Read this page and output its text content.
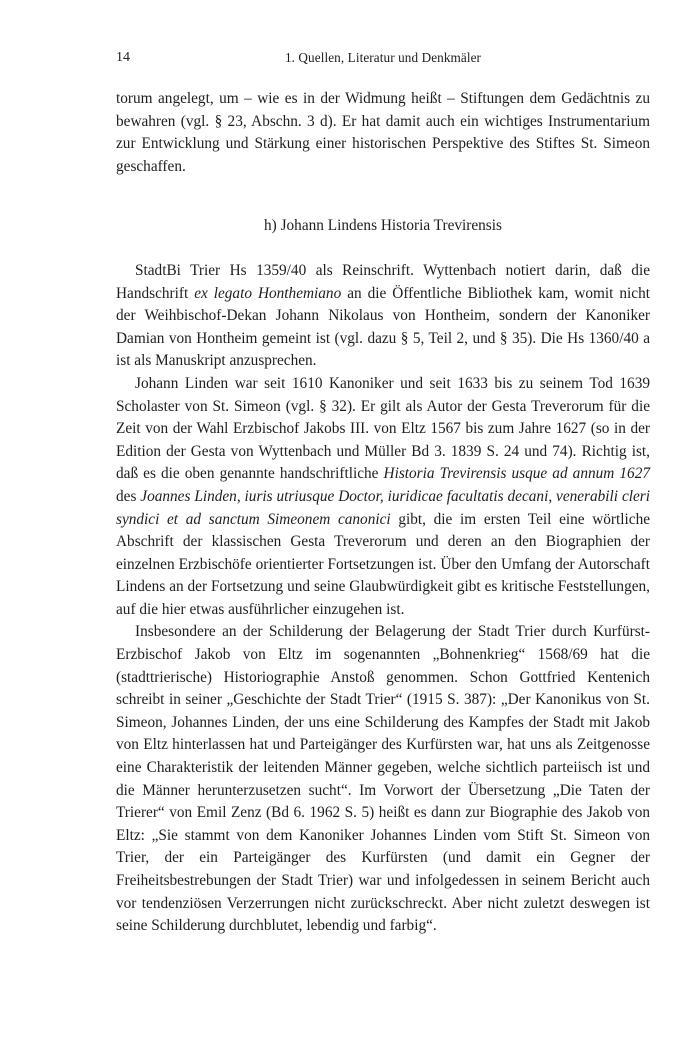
14	1. Quellen, Literatur und Denkmäler

torum angelegt, um – wie es in der Widmung heißt – Stiftungen dem Gedächtnis zu bewahren (vgl. § 23, Abschn. 3 d). Er hat damit auch ein wichtiges Instrumentarium zur Entwicklung und Stärkung einer historischen Perspektive des Stiftes St. Simeon geschaffen.

h) Johann Lindens Historia Trevirensis

StadtBi Trier Hs 1359/40 als Reinschrift. Wyttenbach notiert darin, daß die Handschrift ex legato Honthemiano an die Öffentliche Bibliothek kam, womit nicht der Weihbischof-Dekan Johann Nikolaus von Hontheim, sondern der Kanoniker Damian von Hontheim gemeint ist (vgl. dazu § 5, Teil 2, und § 35). Die Hs 1360/40 a ist als Manuskript anzusprechen.

Johann Linden war seit 1610 Kanoniker und seit 1633 bis zu seinem Tod 1639 Scholaster von St. Simeon (vgl. § 32). Er gilt als Autor der Gesta Treverorum für die Zeit von der Wahl Erzbischof Jakobs III. von Eltz 1567 bis zum Jahre 1627 (so in der Edition der Gesta von Wyttenbach und Müller Bd 3. 1839 S. 24 und 74). Richtig ist, daß es die oben genannte handschriftliche Historia Trevirensis usque ad annum 1627 des Joannes Linden, iuris utriusque Doctor, iuridicae facultatis decani, venerabili cleri syndici et ad sanctum Simeonem canonici gibt, die im ersten Teil eine wörtliche Abschrift der klassischen Gesta Treverorum und deren an den Biographien der einzelnen Erzbischöfe orientierter Fortsetzungen ist. Über den Umfang der Autorschaft Lindens an der Fortsetzung und seine Glaubwürdigkeit gibt es kritische Feststellungen, auf die hier etwas ausführlicher einzugehen ist.

Insbesondere an der Schilderung der Belagerung der Stadt Trier durch Kurfürst-Erzbischof Jakob von Eltz im sogenannten „Bohnenkrieg“ 1568/69 hat die (stadttrierische) Historiographie Anstoß genommen. Schon Gottfried Kentenich schreibt in seiner „Geschichte der Stadt Trier“ (1915 S. 387): „Der Kanonikus von St. Simeon, Johannes Linden, der uns eine Schilderung des Kampfes der Stadt mit Jakob von Eltz hinterlassen hat und Parteigänger des Kurfürsten war, hat uns als Zeitgenosse eine Charakteristik der leitenden Männer gegeben, welche sichtlich parteiisch ist und die Männer herunterzusetzen sucht“. Im Vorwort der Übersetzung „Die Taten der Trierer“ von Emil Zenz (Bd 6. 1962 S. 5) heißt es dann zur Biographie des Jakob von Eltz: „Sie stammt von dem Kanoniker Johannes Linden vom Stift St. Simeon von Trier, der ein Parteigänger des Kurfürsten (und damit ein Gegner der Freiheitsbestrebungen der Stadt Trier) war und infolgedessen in seinem Bericht auch vor tendenziösen Verzerrungen nicht zurückschreckt. Aber nicht zuletzt deswegen ist seine Schilderung durchblutet, lebendig und farbig“.
